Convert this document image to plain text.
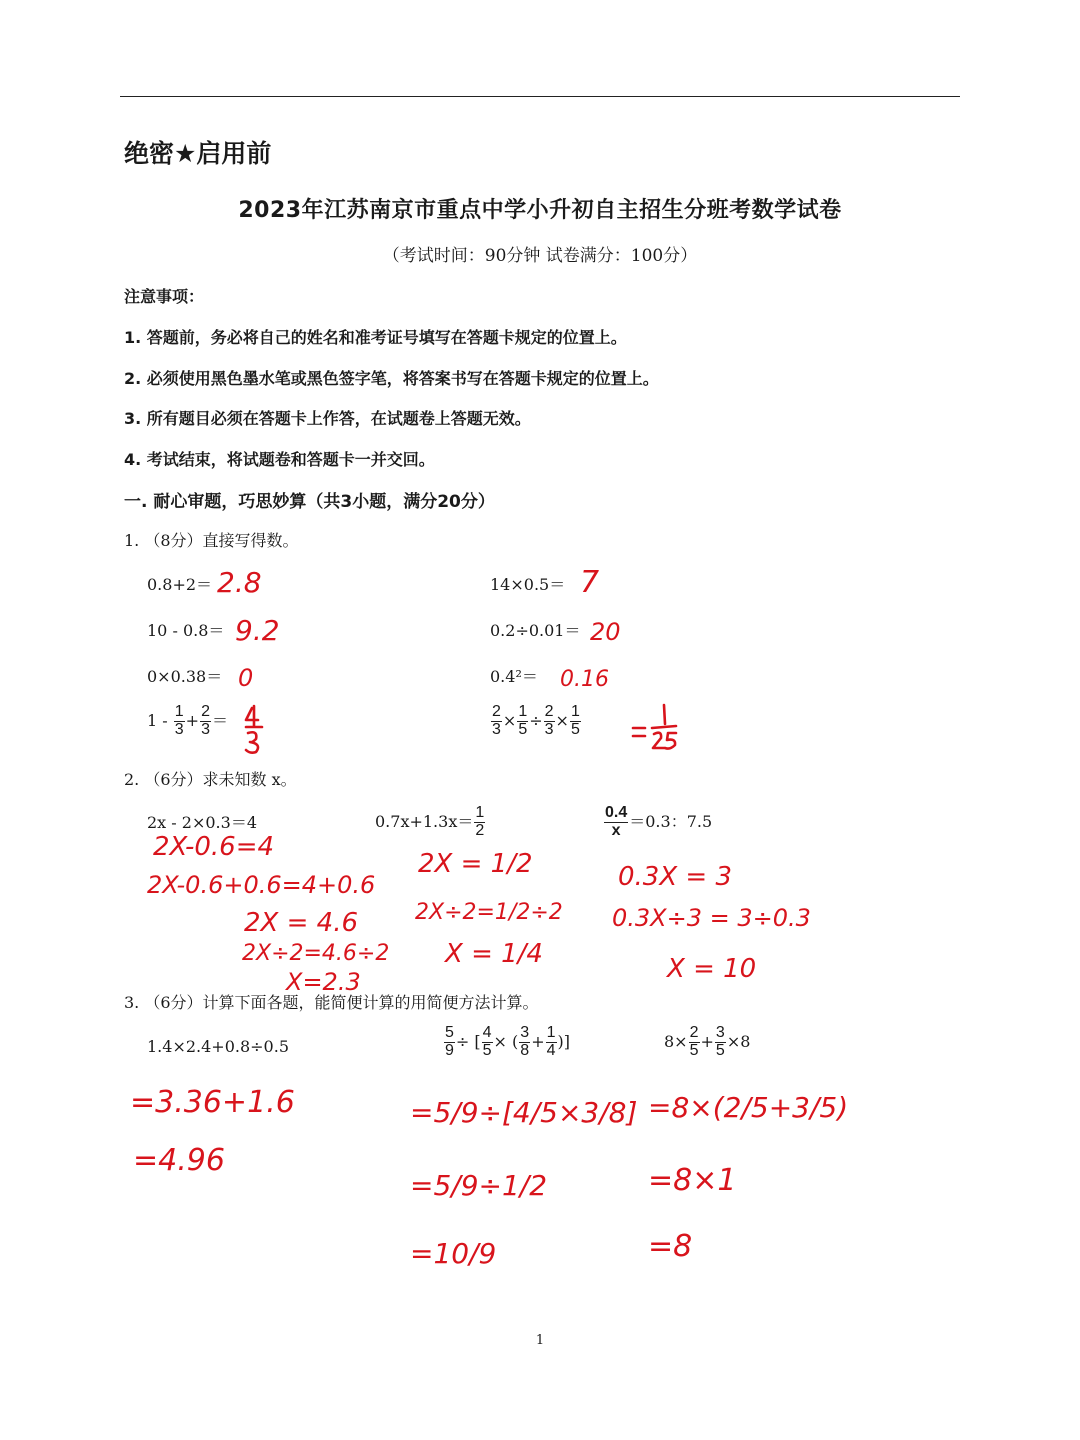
绝密★启用前
2023年江苏南京市重点中学小升初自主招生分班考数学试卷
（考试时间：90分钟 试卷满分：100分）
注意事项：
1. 答题前，务必将自己的姓名和准考证号填写在答题卡规定的位置上。
2. 必须使用黑色墨水笔或黑色签字笔，将答案书写在答题卡规定的位置上。
3. 所有题目必须在答题卡上作答，在试题卷上答题无效。
4. 考试结束，将试题卷和答题卡一并交回。
一. 耐心审题，巧思妙算（共3小题，满分20分）
1. （8分）直接写得数。
0.8+2＝	14×0.5＝
10 - 0.8＝	0.2÷0.01＝
0×0.38＝	0.4²＝
$1 - \frac{1}{3} + \frac{2}{3}$ ＝	$\frac{2}{3} \times \frac{1}{5} \div \frac{2}{3} \times \frac{1}{5}$
2. （6分）求未知数 x。
2x - 2×0.3＝4	$0.7x+1.3x= \frac{1}{2}$	$\frac{0.4}{x} =0.3$：7.5
3. （6分）计算下面各题，能简便计算的用简便方法计算。
1.4×2.4+0.8÷0.5	$\frac{5}{9}$ ÷ [ $\frac{4}{5}$ × ( $\frac{3}{8} + \frac{1}{4}$ )]	$8\times \frac{2}{5} + \frac{3}{5} \times 8$
1
2.8	7
9.2	20
0	0.16
2X-0.6=4
2X-0.6+0.6=4+0.6
2X = 4.6
2X÷2=4.6÷2
X=2.3
2X = 1/2
2X÷2=1/2÷2
X = 1/4
0.3X = 3
0.3X÷3 = 3÷0.3
X = 10
=3.36+1.6
=4.96
=5/9÷[4/5×3/8]
=5/9÷1/2
=10/9
=8×(2/5+3/5)
=8×1
=8
